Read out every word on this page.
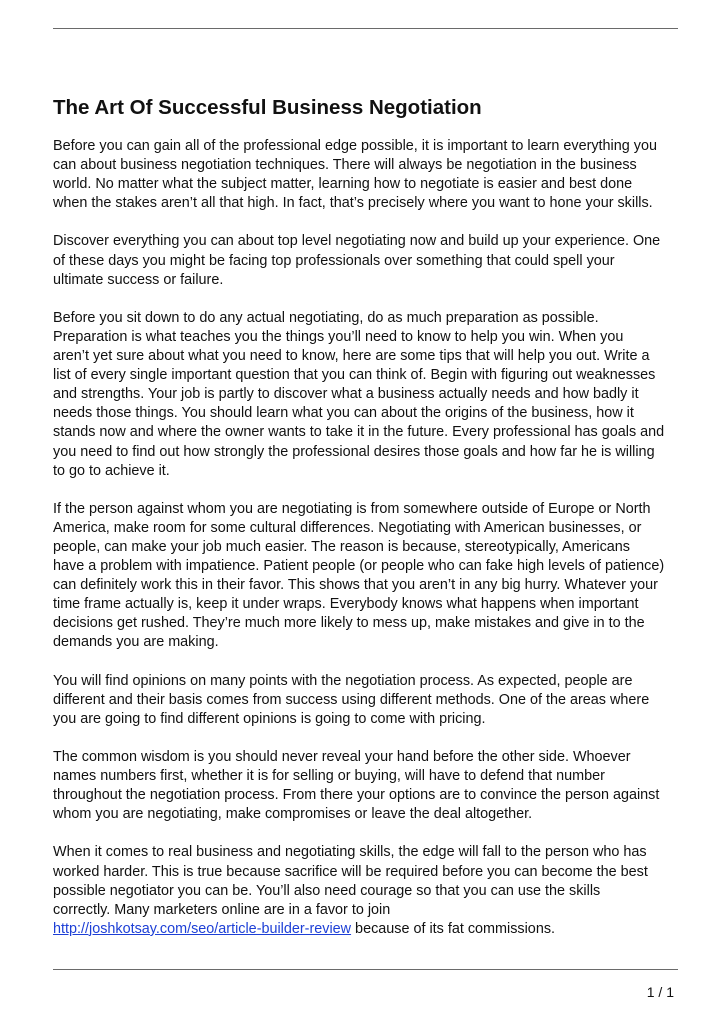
The Art Of Successful Business Negotiation

Before you can gain all of the professional edge possible, it is important to learn everything you
can about business negotiation techniques. There will always be negotiation in the business
world. No matter what the subject matter, learning how to negotiate is easier and best done
when the stakes aren’t all that high. In fact, that’s precisely where you want to hone your skills.

Discover everything you can about top level negotiating now and build up your experience. One
of these days you might be facing top professionals over something that could spell your
ultimate success or failure.

Before you sit down to do any actual negotiating, do as much preparation as possible.
Preparation is what teaches you the things you’ll need to know to help you win. When you
aren’t yet sure about what you need to know, here are some tips that will help you out. Write a
list of every single important question that you can think of. Begin with figuring out weaknesses
and strengths. Your job is partly to discover what a business actually needs and how badly it
needs those things. You should learn what you can about the origins of the business, how it
stands now and where the owner wants to take it in the future. Every professional has goals and
you need to find out how strongly the professional desires those goals and how far he is willing
to go to achieve it.

If the person against whom you are negotiating is from somewhere outside of Europe or North
America, make room for some cultural differences. Negotiating with American businesses, or
people, can make your job much easier. The reason is because, stereotypically, Americans
have a problem with impatience. Patient people (or people who can fake high levels of patience)
can definitely work this in their favor. This shows that you aren’t in any big hurry. Whatever your
time frame actually is, keep it under wraps. Everybody knows what happens when important
decisions get rushed. They’re much more likely to mess up, make mistakes and give in to the
demands you are making.

You will find opinions on many points with the negotiation process. As expected, people are
different and their basis comes from success using different methods. One of the areas where
you are going to find different opinions is going to come with pricing.

The common wisdom is you should never reveal your hand before the other side. Whoever
names numbers first, whether it is for selling or buying, will have to defend that number
throughout the negotiation process. From there your options are to convince the person against
whom you are negotiating, make compromises or leave the deal altogether.

When it comes to real business and negotiating skills, the edge will fall to the person who has
worked harder. This is true because sacrifice will be required before you can become the best
possible negotiator you can be. You’ll also need courage so that you can use the skills
correctly. Many marketers online are in a favor to join
http://joshkotsay.com/seo/article-builder-review because of its fat commissions.

1 / 1
